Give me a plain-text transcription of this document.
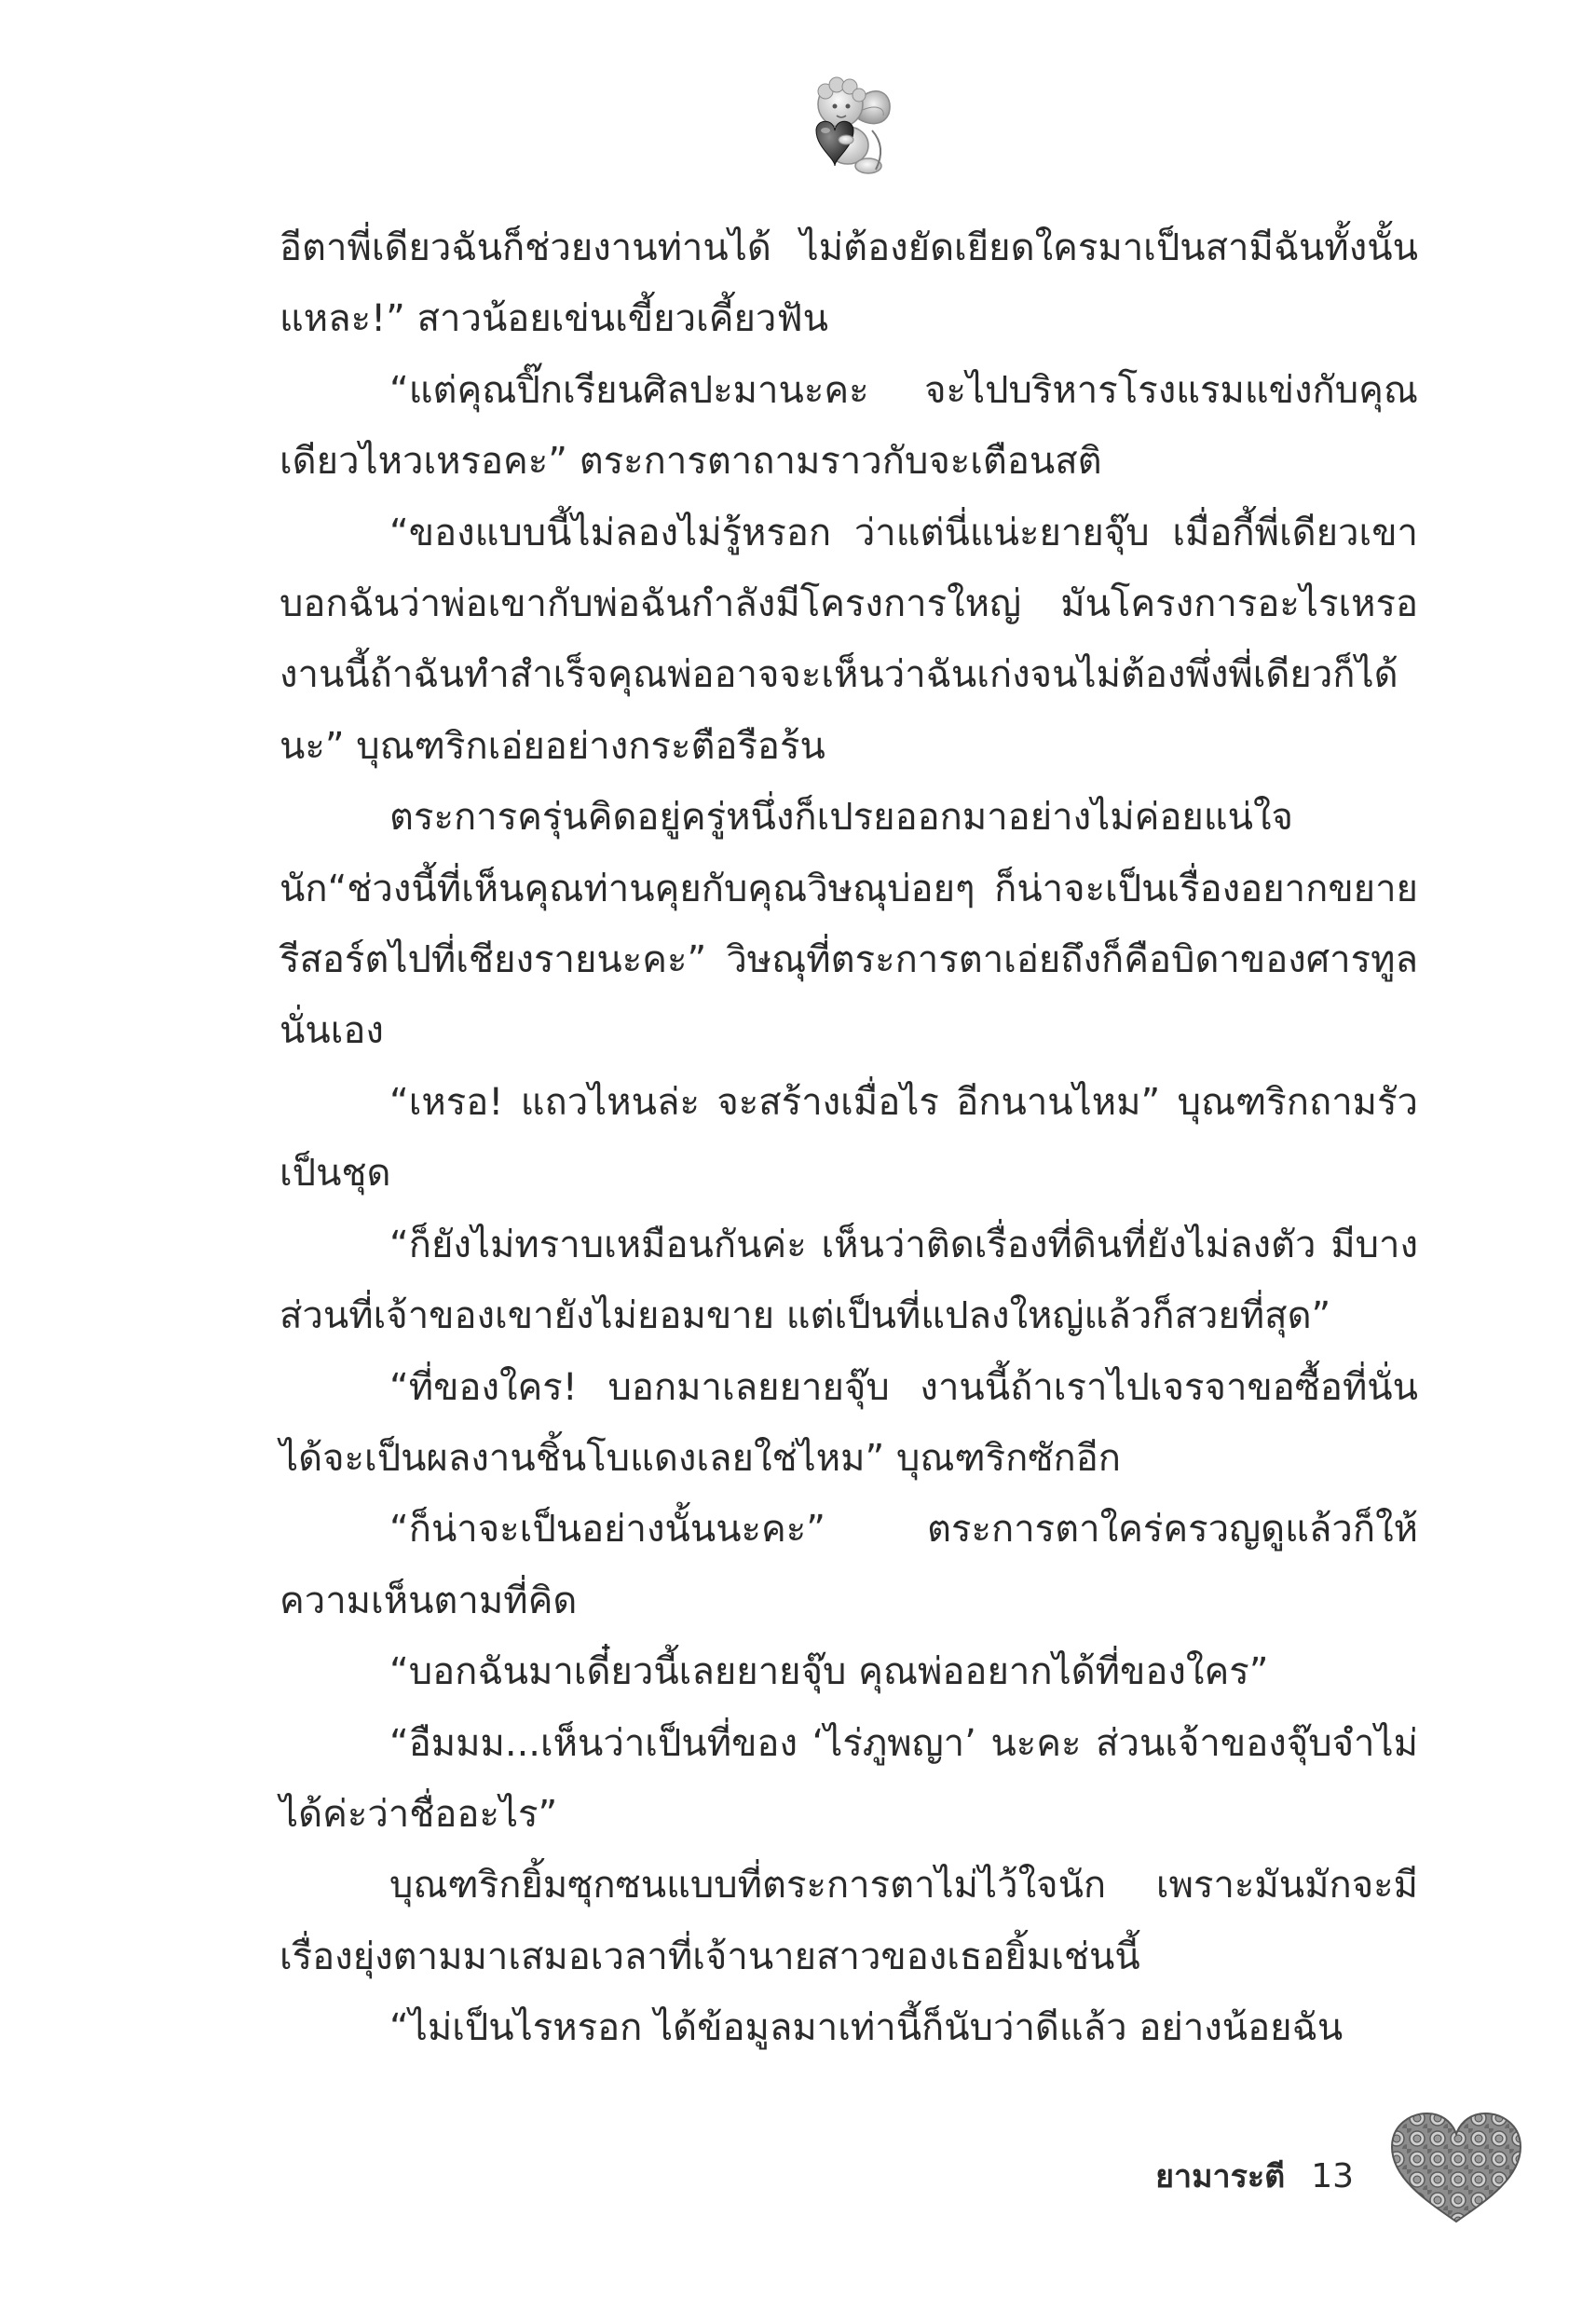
อีตาพี่เดียวฉันก็ช่วยงานท่านได้ ไม่ต้องยัดเยียดใครมาเป็นสามีฉันทั้งนั้นแหละ!” สาวน้อยเข่นเขี้ยวเคี้ยวฟัน

“แต่คุณปิ๊กเรียนศิลปะมานะคะ จะไปบริหารโรงแรมแข่งกับคุณเดียวไหวเหรอคะ” ตระการตาถามราวกับจะเตือนสติ

“ของแบบนี้ไม่ลองไม่รู้หรอก ว่าแต่นี่แน่ะยายจุ๊บ เมื่อกี้พี่เดียวเขาบอกฉันว่าพ่อเขากับพ่อฉันกำลังมีโครงการใหญ่ มันโครงการอะไรเหรอ งานนี้ถ้าฉันทำสำเร็จคุณพ่ออาจจะเห็นว่าฉันเก่งจนไม่ต้องพึ่งพี่เดียวก็ได้นะ” บุณฑริกเอ่ยอย่างกระตือรือร้น

ตระการครุ่นคิดอยู่ครู่หนึ่งก็เปรยออกมาอย่างไม่ค่อยแน่ใจนัก“ช่วงนี้ที่เห็นคุณท่านคุยกับคุณวิษณุบ่อยๆ ก็น่าจะเป็นเรื่องอยากขยายรีสอร์ตไปที่เชียงรายนะคะ” วิษณุที่ตระการตาเอ่ยถึงก็คือบิดาของศารทูลนั่นเอง

“เหรอ! แถวไหนล่ะ จะสร้างเมื่อไร อีกนานไหม” บุณฑริกถามรัวเป็นชุด

“ก็ยังไม่ทราบเหมือนกันค่ะ เห็นว่าติดเรื่องที่ดินที่ยังไม่ลงตัว มีบางส่วนที่เจ้าของเขายังไม่ยอมขาย แต่เป็นที่แปลงใหญ่แล้วก็สวยที่สุด”

“ที่ของใคร! บอกมาเลยยายจุ๊บ งานนี้ถ้าเราไปเจรจาขอซื้อที่นั่นได้จะเป็นผลงานชิ้นโบแดงเลยใช่ไหม” บุณฑริกซักอีก

“ก็น่าจะเป็นอย่างนั้นนะคะ” ตระการตาใคร่ครวญดูแล้วก็ให้ความเห็นตามที่คิด

“บอกฉันมาเดี๋ยวนี้เลยยายจุ๊บ คุณพ่ออยากได้ที่ของใคร”

“อืมมม...เห็นว่าเป็นที่ของ ‘ไร่ภูพญา’ นะคะ ส่วนเจ้าของจุ๊บจำไม่ได้ค่ะว่าชื่ออะไร”

บุณฑริกยิ้มซุกซนแบบที่ตระการตาไม่ไว้ใจนัก เพราะมันมักจะมีเรื่องยุ่งตามมาเสมอเวลาที่เจ้านายสาวของเธอยิ้มเช่นนี้

“ไม่เป็นไรหรอก ได้ข้อมูลมาเท่านี้ก็นับว่าดีแล้ว อย่างน้อยฉัน

ยามาระตี 13
